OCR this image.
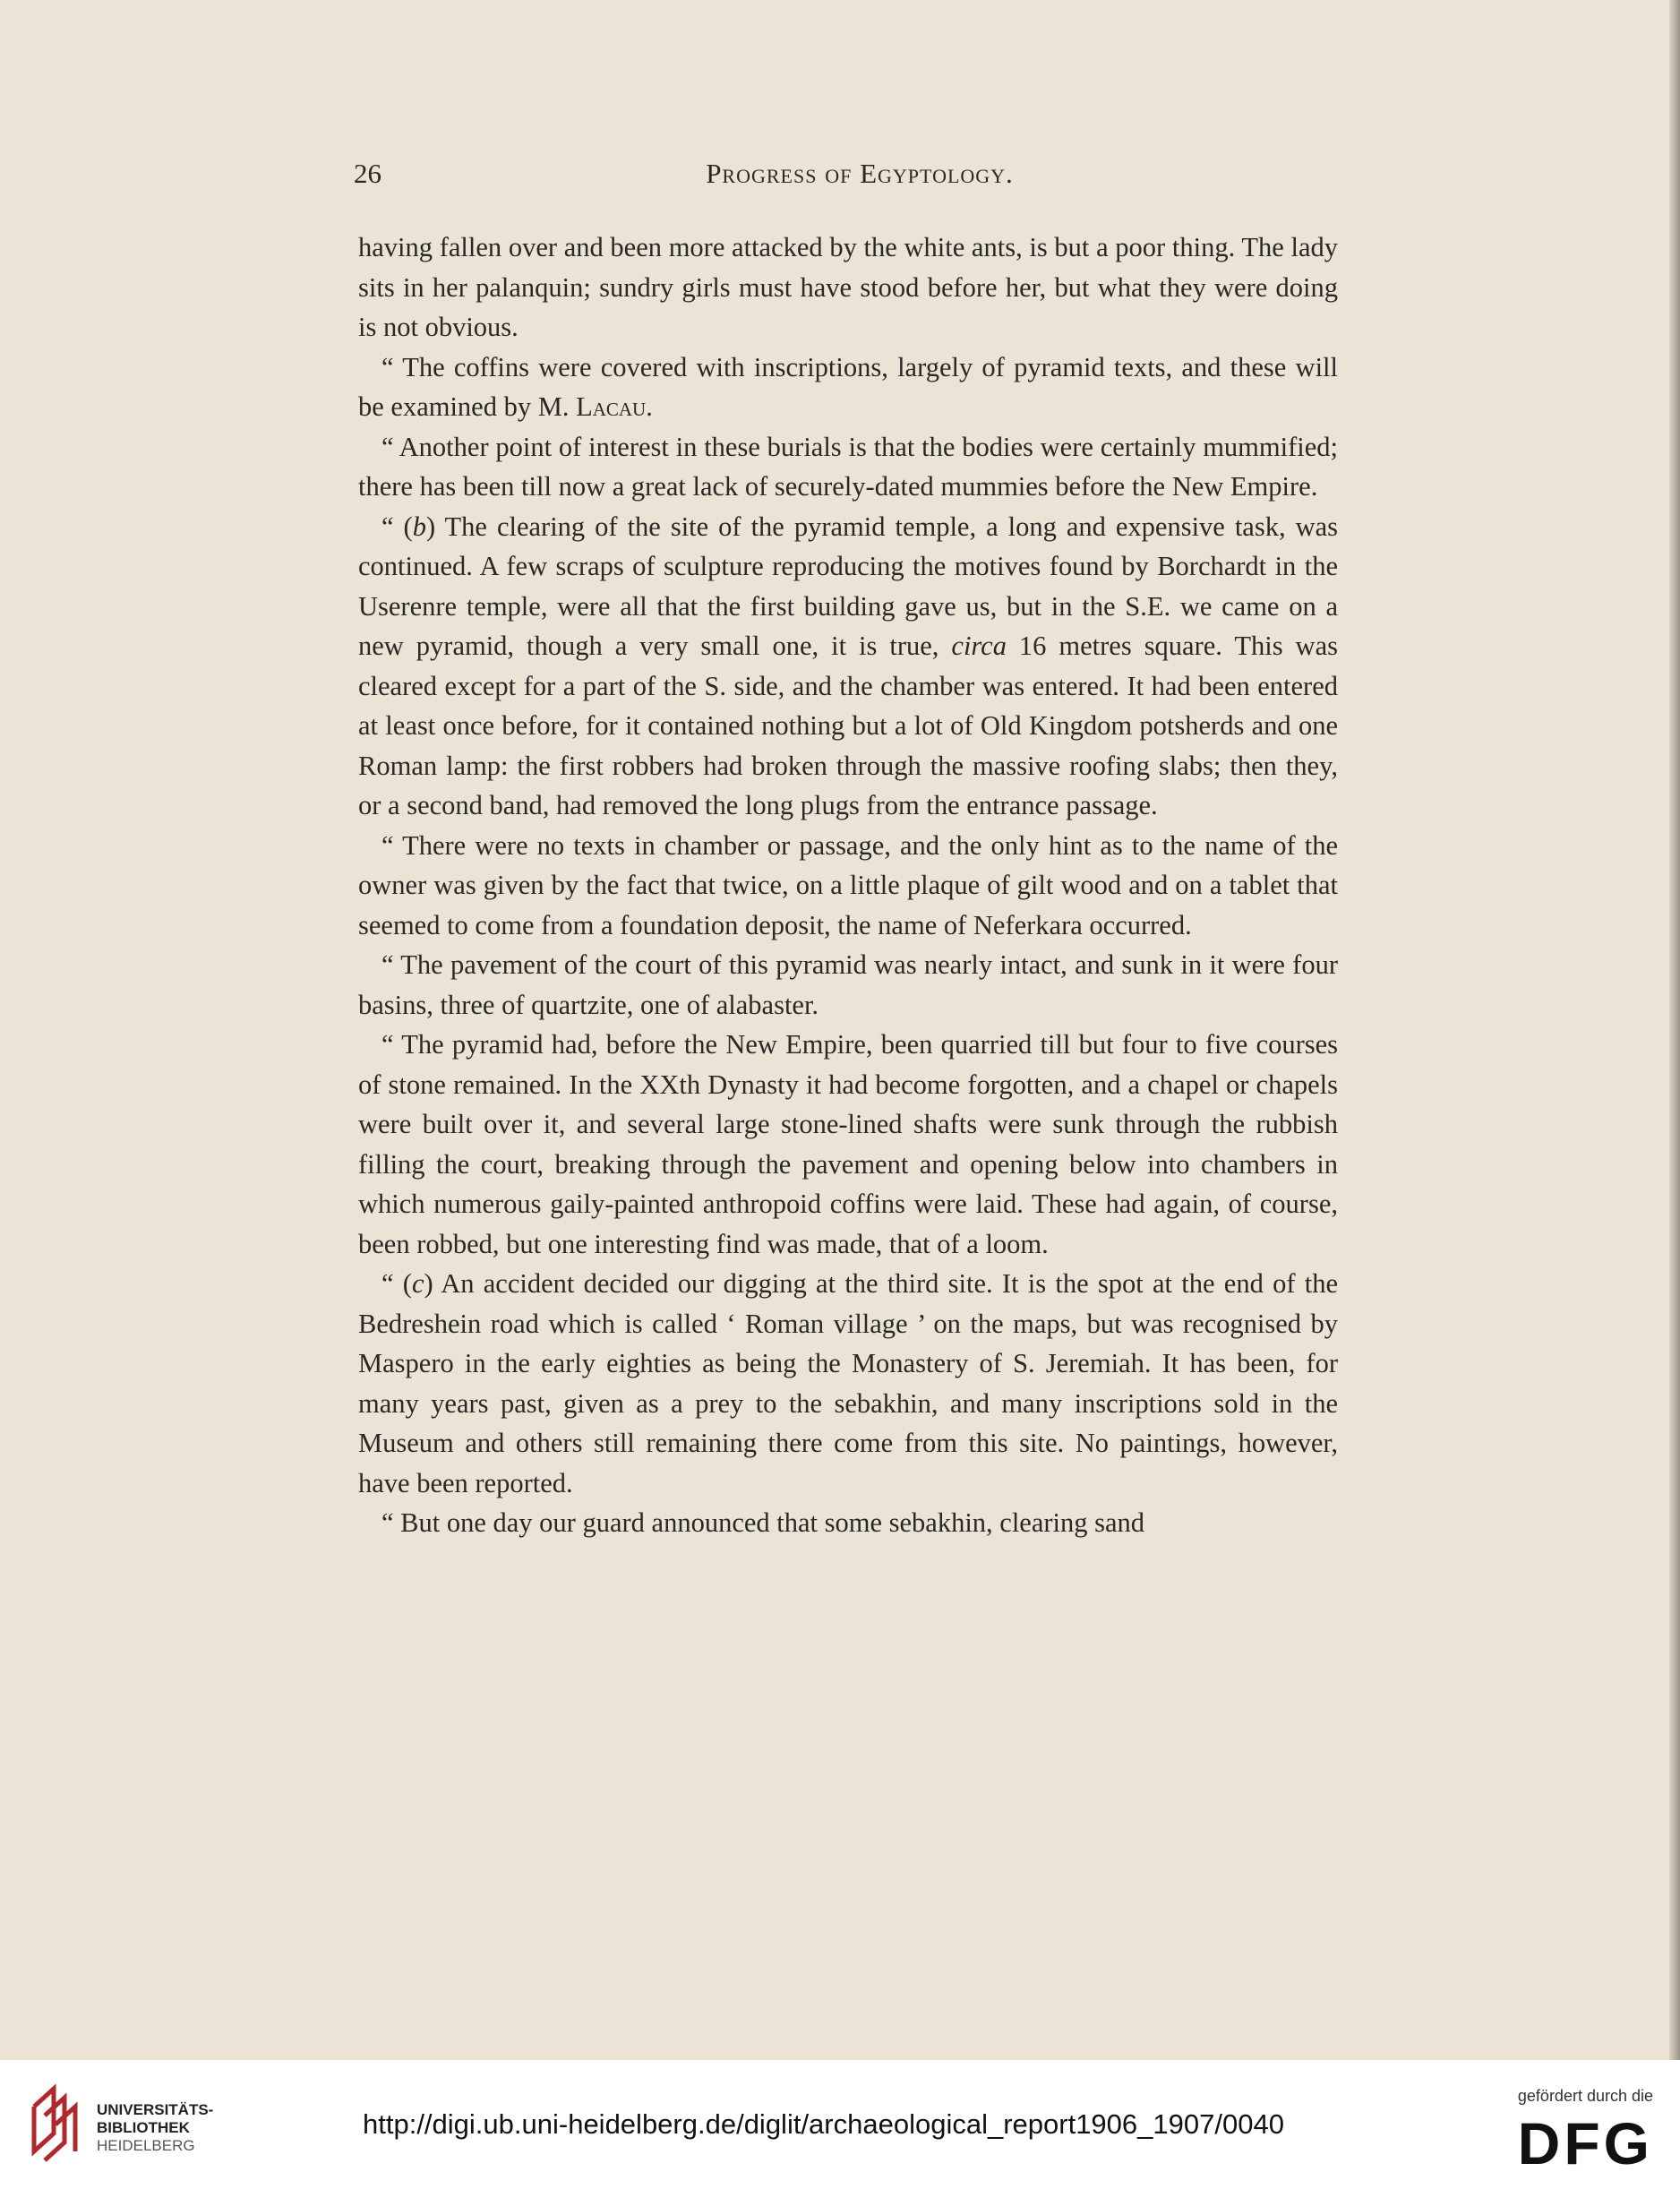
26	Progress of Egyptology.

having fallen over and been more attacked by the white ants, is but a poor thing. The lady sits in her palanquin; sundry girls must have stood before her, but what they were doing is not obvious.

“ The coffins were covered with inscriptions, largely of pyramid texts, and these will be examined by M. Lacau.

“ Another point of interest in these burials is that the bodies were certainly mummified; there has been till now a great lack of securely-dated mummies before the New Empire.

“ (b) The clearing of the site of the pyramid temple, a long and expensive task, was continued. A few scraps of sculpture reproducing the motives found by Borchardt in the Userenre temple, were all that the first building gave us, but in the S.E. we came on a new pyramid, though a very small one, it is true, circa 16 metres square. This was cleared except for a part of the S. side, and the chamber was entered. It had been entered at least once before, for it contained nothing but a lot of Old Kingdom potsherds and one Roman lamp: the first robbers had broken through the massive roofing slabs; then they, or a second band, had removed the long plugs from the entrance passage.

“ There were no texts in chamber or passage, and the only hint as to the name of the owner was given by the fact that twice, on a little plaque of gilt wood and on a tablet that seemed to come from a foundation deposit, the name of Neferkara occurred.

“ The pavement of the court of this pyramid was nearly intact, and sunk in it were four basins, three of quartzite, one of alabaster.

“ The pyramid had, before the New Empire, been quarried till but four to five courses of stone remained. In the XXth Dynasty it had become forgotten, and a chapel or chapels were built over it, and several large stone-lined shafts were sunk through the rubbish filling the court, breaking through the pavement and opening below into chambers in which numerous gaily-painted anthropoid coffins were laid. These had again, of course, been robbed, but one interesting find was made, that of a loom.

“ (c) An accident decided our digging at the third site. It is the spot at the end of the Bedreshein road which is called ‘ Roman village ’ on the maps, but was recognised by Maspero in the early eighties as being the Monastery of S. Jeremiah. It has been, for many years past, given as a prey to the sebakhin, and many inscriptions sold in the Museum and others still remaining there come from this site. No paintings, however, have been reported.

“ But one day our guard announced that some sebakhin, clearing sand

UNIVERSITÄTS-
BIBLIOTHEK
HEIDELBERG
http://digi.ub.uni-heidelberg.de/diglit/archaeological_report1906_1907/0040
gefördert durch die
DFG
